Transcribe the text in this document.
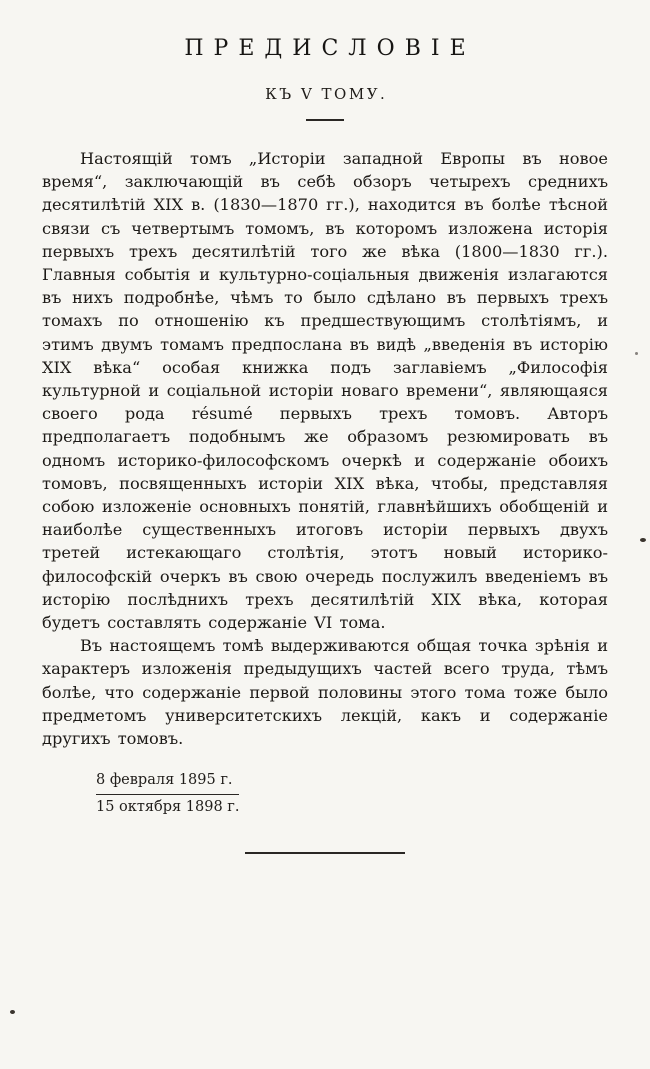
ПРЕДИСЛОВІЕ
КЪ V ТОМУ.

Настоящій томъ „Исторіи западной Европы въ новое время“, заключающій въ себѣ обзоръ четырехъ среднихъ десятилѣтій XIX в. (1830—1870 гг.), находится въ болѣе тѣсной связи съ четвертымъ томомъ, въ которомъ изложена исторія первыхъ трехъ десятилѣтій того же вѣка (1800—1830 гг.). Главныя событія и культурно-соціальныя движенія излагаются въ нихъ подробнѣе, чѣмъ то было сдѣлано въ первыхъ трехъ томахъ по отношенію къ предшествующимъ столѣтіямъ, и этимъ двумъ томамъ предпослана въ видѣ „введенія въ исторію XIX вѣка“ особая книжка подъ заглавіемъ „Философія культурной и соціальной исторіи новаго времени“, являющаяся своего рода résumé первыхъ трехъ томовъ. Авторъ предполагаетъ подобнымъ же образомъ резюмировать въ одномъ историко-философскомъ очеркѣ и содержаніе обоихъ томовъ, посвященныхъ исторіи XIX вѣка, чтобы, представляя собою изложеніе основныхъ понятій, главнѣйшихъ обобщеній и наиболѣе существенныхъ итоговъ исторіи первыхъ двухъ третей истекающаго столѣтія, этотъ новый историко-философскій очеркъ въ свою очередь послужилъ введеніемъ въ исторію послѣднихъ трехъ десятилѣтій XIX вѣка, которая будетъ составлять содержаніе VI тома.

Въ настоящемъ томѣ выдерживаются общая точка зрѣнія и характеръ изложенія предыдущихъ частей всего труда, тѣмъ болѣе, что содержаніе первой половины этого тома тоже было предметомъ университетскихъ лекцій, какъ и содержаніе другихъ томовъ.

8 февраля 1895 г.
15 октября 1898 г.
